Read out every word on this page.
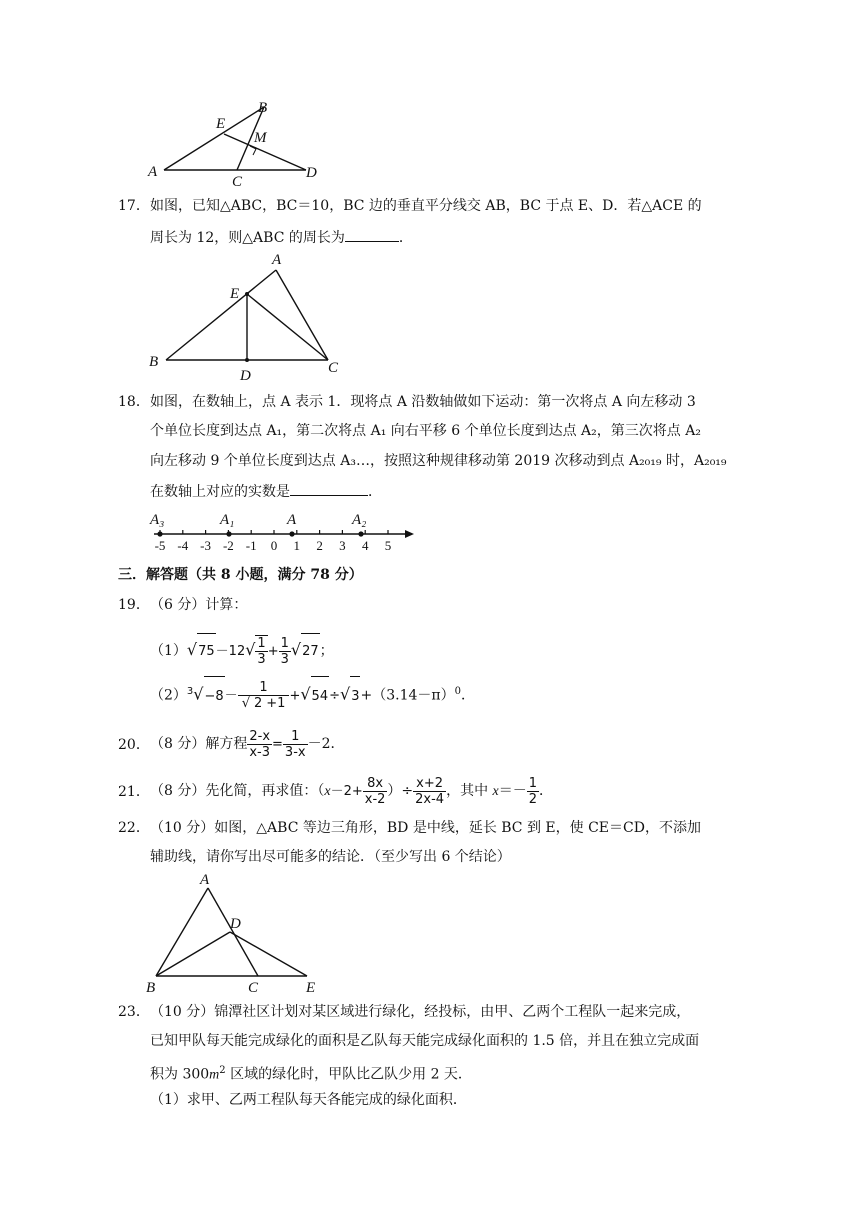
B
E
M
A
C
D
17． 如图，已知△ABC，BC＝10，BC 边的垂直平分线交 AB，BC 于点 E、D．若△ACE 的
周长为 12，则△ABC 的周长为	．
A
E
B	C
D
18． 如图，在数轴上，点 A 表示 1．现将点 A 沿数轴做如下运动：第一次将点 A 向左移动 3
个单位长度到达点 A₁，第二次将点 A₁ 向右平移 6 个单位长度到达点 A₂，第三次将点 A₂
向左移动 9 个单位长度到达点 A₃…，按照这种规律移动第 2019 次移动到点 A₂₀₁₉ 时，A₂₀₁₉
在数轴上对应的实数是	．
-5 -4 -3 -2 -1 0 1 2 3 4 5
A₃	A₁	A	A₂
三．解答题（共 8 小题，满分 78 分）
19． （6 分）计算：
$(1)√75-12√ \frac{1}{3} + \frac{1}{3} √27$；
$(2)^3√-8- \frac{1}{√ 2 +1} +√54\div√3+(3.14-\pi)^0$．
20． （8 分）解方程 $\frac{2-x}{x-3} = \frac{1}{3-x} -2$．
21． （8 分）先化简，再求值：（$x-2+ \frac{8x}{x-2}$ ）÷ $\frac{x+2}{2x-4}$ ，其中 $x=- \frac{1}{2}$ ．
22． （10 分）如图，△ABC 等边三角形，BD 是中线，延长 BC 到 E，使 CE＝CD，不添加
辅助线，请你写出尽可能多的结论．（至少写出 6 个结论）
A
D
B	C	E
23． （10 分）锦潭社区计划对某区域进行绿化，经投标，由甲、乙两个工程队一起来完成，
已知甲队每天能完成绿化的面积是乙队每天能完成绿化面积的 1.5 倍，并且在独立完成面
积为 $300m^2$ 区域的绿化时，甲队比乙队少用 2 天．
（1）求甲、乙两工程队每天各能完成的绿化面积．
